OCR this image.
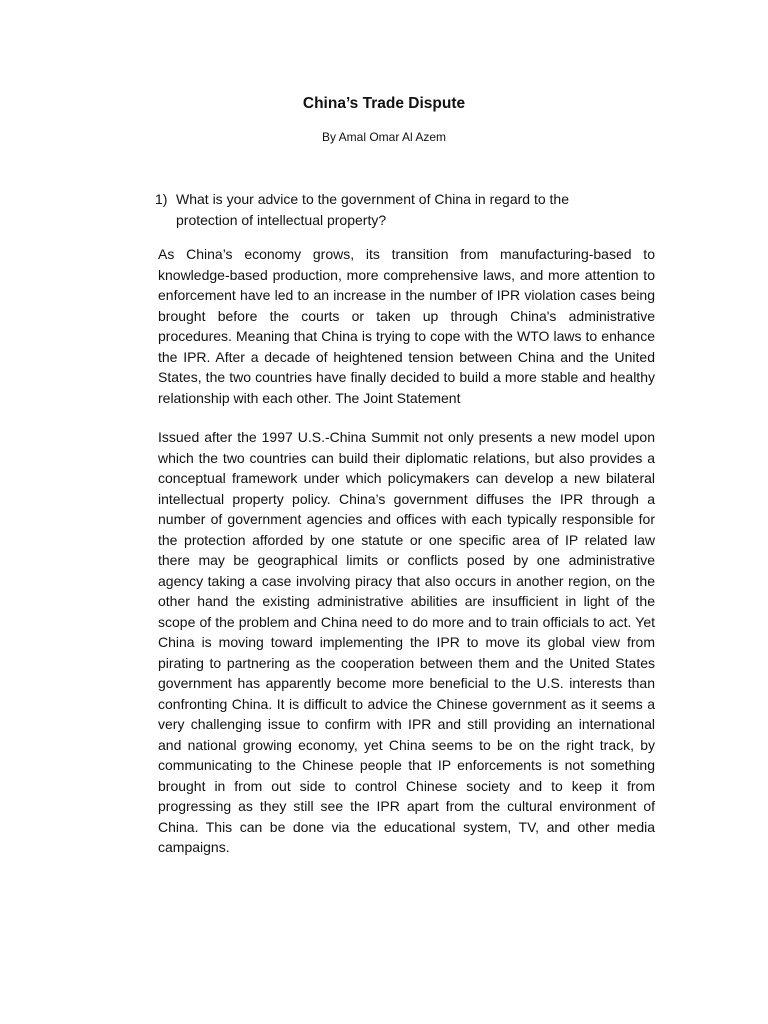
China’s Trade Dispute
By Amal Omar Al Azem
1) What is your advice to the government of China in regard to the protection of intellectual property?
As China’s economy grows, its transition from manufacturing-based to knowledge-based production, more comprehensive laws, and more attention to enforcement have led to an increase in the number of IPR violation cases being brought before the courts or taken up through China's administrative procedures. Meaning that China is trying to cope with the WTO laws to enhance the IPR. After a decade of heightened tension between China and the United States, the two countries have finally decided to build a more stable and healthy relationship with each other. The Joint Statement
Issued after the 1997 U.S.-China Summit not only presents a new model upon which the two countries can build their diplomatic relations, but also provides a conceptual framework under which policymakers can develop a new bilateral intellectual property policy. China’s government diffuses the IPR through a number of government agencies and offices with each typically responsible for the protection afforded by one statute or one specific area of IP related law there may be geographical limits or conflicts posed by one administrative agency taking a case involving piracy that also occurs in another region, on the other hand the existing administrative abilities are insufficient in light of the scope of the problem and China need to do more and to train officials to act. Yet China is moving toward implementing the IPR to move its global view from pirating to partnering as the cooperation between them and the United States government has apparently become more beneficial to the U.S. interests than confronting China. It is difficult to advice the Chinese government as it seems a very challenging issue to confirm with IPR and still providing an international and national growing economy, yet China seems to be on the right track, by communicating to the Chinese people that IP enforcements is not something brought in from out side to control Chinese society and to keep it from progressing as they still see the IPR apart from the cultural environment of China. This can be done via the educational system, TV, and other media campaigns.
